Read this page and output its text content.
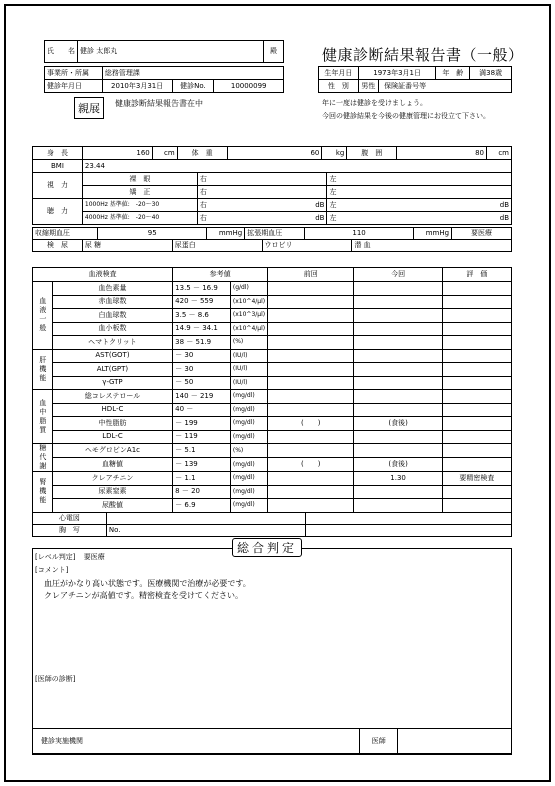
氏　　名	健診 太郎丸	殿
事業所・所属	総務管理課
健診年月日	2010年3月31日	健診No.	10000099
親展	健康診断結果報告書在中
健康診断結果報告書（一般）
生年月日	1973年3月1日	年　齢	満38歳
性　別	男性 保険証番号等		
年に一度は健診を受けましょう。
今回の健診結果を今後の健康管理にお役立て下さい。
身　長	160	cm	体　重	60	kg	腹　囲	80	cm
BMI	23.44							
視　力	裸　眼	右	左
	矯　正	右	左
聴　力	1000Hz 基準値:　-20〜30	右 dB	左 dB

	4000Hz 基準値:　-20〜40	右 dB	左 dB
収縮期血圧	95	mmHg	拡張期血圧	110	mmHg	要医療
検　尿	尿 糖	尿蛋白	ウロビリ	潜 血
血液検査		参考値		前回	今回	評　価

血液一般	血色素量	13.5 － 16.9	(g/dl)			
	赤血球数	420 － 559	(x10^4/μl)			
	白血球数	3.5 － 8.6	(x10^3/μl)			
	血小板数	14.9 － 34.1	(x10^4/μl)			
	ヘマトクリット	38 － 51.9	(%)			

肝機能	AST(GOT)	－ 30	(IU/l)			
	ALT(GPT)	－ 30	(IU/l)			
	γ-GTP	－ 50	(IU/l)			

血中脂質	総コレステロール	140 － 219	(mg/dl)			
	HDL-C	40 －	(mg/dl)			
	中性脂肪	－ 199	(mg/dl)	(　　)	(食後)	
	LDL-C	－ 119	(mg/dl)			

糖代謝	ヘモグロビンA1c	－ 5.1	(%)			
	血糖値	－ 139	(mg/dl)	(　　)	(食後)	

腎機能	クレアチニン	－ 1.1	(mg/dl)		1.30	要精密検査
	尿素窒素	8 － 20	(mg/dl)			
	尿酸値	－ 6.9	(mg/dl)			
心電図		
胸　写	No.	
総合判定
[レベル判定] 要医療
[コメント]
血圧がかなり高い状態です。医療機関で治療が必要です。
クレアチニンが高値です。精密検査を受けてください。
[医師の診断]
健診実施機関	医師	
